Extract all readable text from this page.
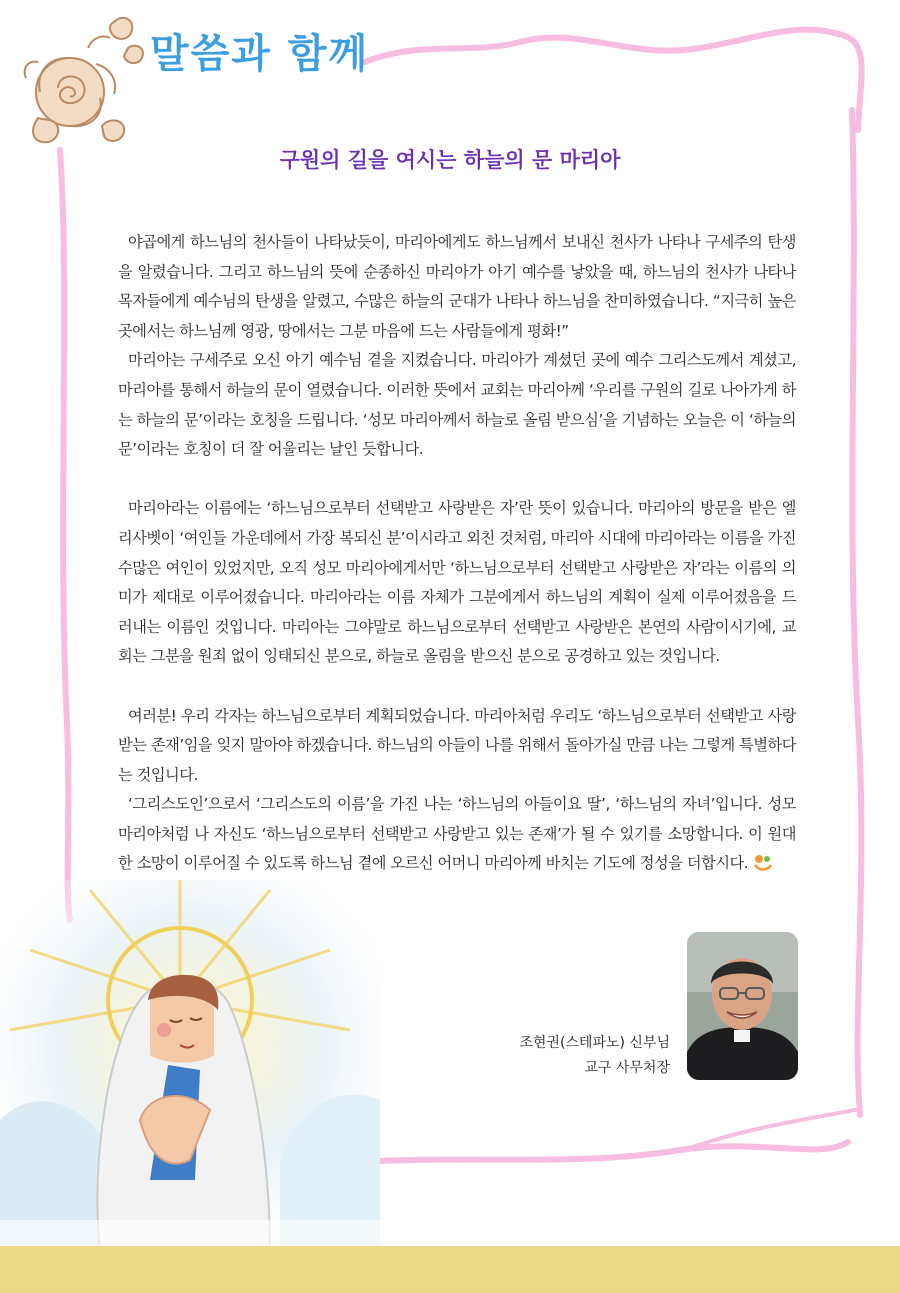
말씀과 함께
구원의 길을 여시는 하늘의 문 마리아

야곱에게 하느님의 천사들이 나타났듯이, 마리아에게도 하느님께서 보내신 천사가 나타나 구세주의 탄생을 알렸습니다. 그리고 하느님의 뜻에 순종하신 마리아가 아기 예수를 낳았을 때, 하느님의 천사가 나타나 목자들에게 예수님의 탄생을 알렸고, 수많은 하늘의 군대가 나타나 하느님을 찬미하였습니다. “지극히 높은 곳에서는 하느님께 영광, 땅에서는 그분 마음에 드는 사람들에게 평화!”

마리아는 구세주로 오신 아기 예수님 곁을 지켰습니다. 마리아가 계셨던 곳에 예수 그리스도께서 계셨고, 마리아를 통해서 하늘의 문이 열렸습니다. 이러한 뜻에서 교회는 마리아께 ‘우리를 구원의 길로 나아가게 하는 하늘의 문’이라는 호칭을 드립니다. ‘성모 마리아께서 하늘로 올림 받으심’을 기념하는 오늘은 이 ‘하늘의 문’이라는 호칭이 더 잘 어울리는 날인 듯합니다.

마리아라는 이름에는 ‘하느님으로부터 선택받고 사랑받은 자’란 뜻이 있습니다. 마리아의 방문을 받은 엘리사벳이 ‘여인들 가운데에서 가장 복되신 분’이시라고 외친 것처럼, 마리아 시대에 마리아라는 이름을 가진 수많은 여인이 있었지만, 오직 성모 마리아에게서만 ‘하느님으로부터 선택받고 사랑받은 자’라는 이름의 의미가 제대로 이루어졌습니다. 마리아라는 이름 자체가 그분에게서 하느님의 계획이 실제 이루어졌음을 드러내는 이름인 것입니다. 마리아는 그야말로 하느님으로부터 선택받고 사랑받은 본연의 사람이시기에, 교회는 그분을 원죄 없이 잉태되신 분으로, 하늘로 올림을 받으신 분으로 공경하고 있는 것입니다.

여러분! 우리 각자는 하느님으로부터 계획되었습니다. 마리아처럼 우리도 ‘하느님으로부터 선택받고 사랑받는 존재’임을 잊지 말아야 하겠습니다. 하느님의 아들이 나를 위해서 돌아가실 만큼 나는 그렇게 특별하다는 것입니다.

‘그리스도인’으로서 ‘그리스도의 이름’을 가진 나는 ‘하느님의 아들이요 딸’, ‘하느님의 자녀’입니다. 성모 마리아처럼 나 자신도 ‘하느님으로부터 선택받고 사랑받고 있는 존재’가 될 수 있기를 소망합니다. 이 원대한 소망이 이루어질 수 있도록 하느님 곁에 오르신 어머니 마리아께 바치는 기도에 정성을 더합시다.

조현권(스테파노) 신부님
교구 사무처장
